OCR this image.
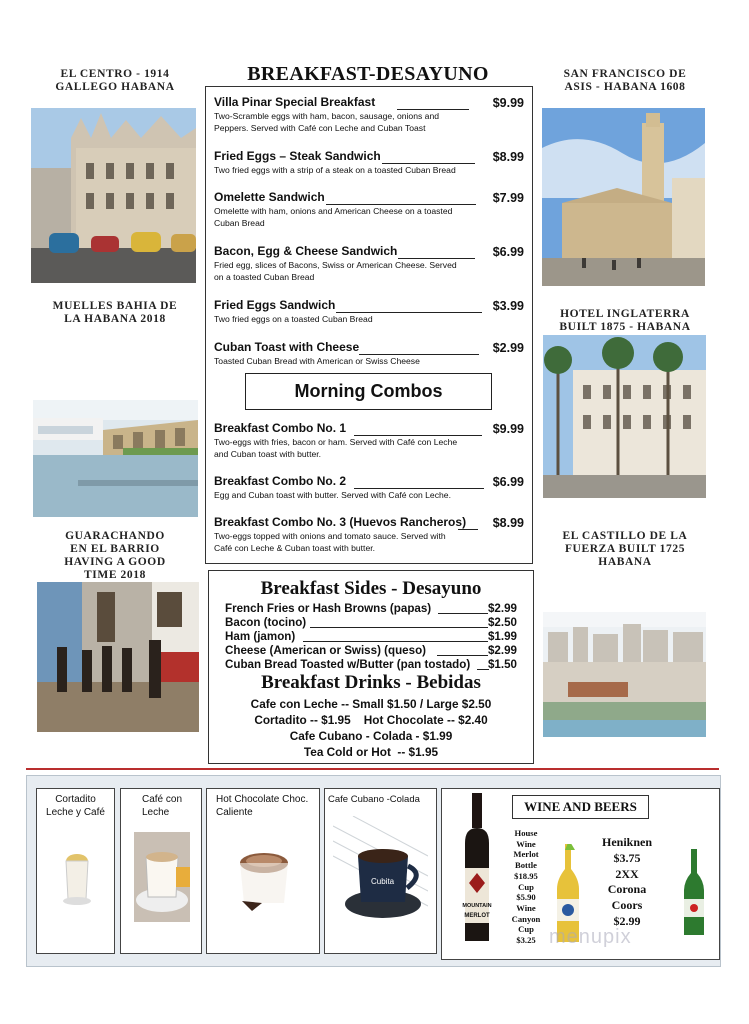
EL CENTRO - 1914
GALLEGO HABANA
MUELLES BAHIA DE
LA HABANA 2018
GUARACHANDO
EN EL BARRIO
HAVING A GOOD
TIME 2018
SAN FRANCISCO DE
ASIS - HABANA 1608
HOTEL INGLATERRA
BUILT 1875 - HABANA
EL CASTILLO DE LA
FUERZA BUILT 1725
HABANA
BREAKFAST-DESAYUNO
Villa Pinar Special Breakfast	$9.99
Two-Scramble eggs with ham, bacon, sausage, onions and Peppers. Served with Café con Leche and Cuban Toast
Fried Eggs – Steak Sandwich	$8.99
Two fried eggs with a strip of a steak on a toasted Cuban Bread
Omelette Sandwich	$7.99
Omelette with ham, onions and American Cheese on a toasted Cuban Bread
Bacon, Egg & Cheese Sandwich	$6.99
Fried egg, slices of Bacons, Swiss or American Cheese. Served on a toasted Cuban Bread
Fried Eggs Sandwich	$3.99
Two fried eggs on a toasted Cuban Bread
Cuban Toast with Cheese	$2.99
Toasted Cuban Bread with American or Swiss Cheese
Morning Combos
Breakfast Combo No. 1	$9.99
Two-eggs with fries, bacon or ham. Served with Café con Leche and Cuban toast with butter.
Breakfast Combo No. 2	$6.99
Egg and Cuban toast with butter. Served with Café con Leche.
Breakfast Combo No. 3 (Huevos Rancheros)	$8.99
Two-eggs topped with onions and tomato sauce. Served with Café con Leche & Cuban toast with butter.
Breakfast Sides - Desayuno
French Fries or Hash Browns (papas)	$2.99
Bacon (tocino)	$2.50
Ham (jamon)	$1.99
Cheese (American or Swiss) (queso)	$2.99
Cuban Bread Toasted w/Butter (pan tostado) $1.50
Breakfast Drinks - Bebidas
Cafe con Leche -- Small $1.50 / Large $2.50
Cortadito -- $1.95    Hot Chocolate -- $2.40
Cafe Cubano - Colada - $1.99
Tea Cold or Hot  -- $1.95
Cortadito
Leche y Café
Café con
Leche
Hot Chocolate Choc.
Caliente
Cafe Cubano -Colada
Cubita
WINE AND BEERS
MOUNTAIN
MERLOT
House
Wine
Merlot
Bottle
$18.95
Cup
$5.90
Wine
Canyon
Cup
$3.25
Heniknen
$3.75
2XX
Corona
Coors
$2.99
menupix
